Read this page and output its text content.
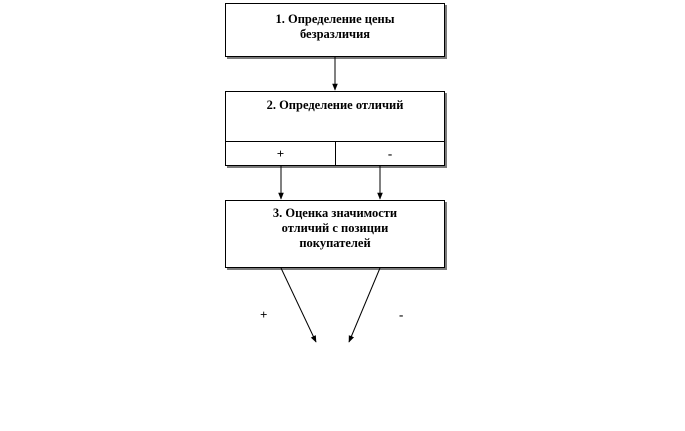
1. Определение цены
безразличия
2. Определение отличий
+	-
3. Оценка значимости
отличий с позиции
покупателей
+	-
